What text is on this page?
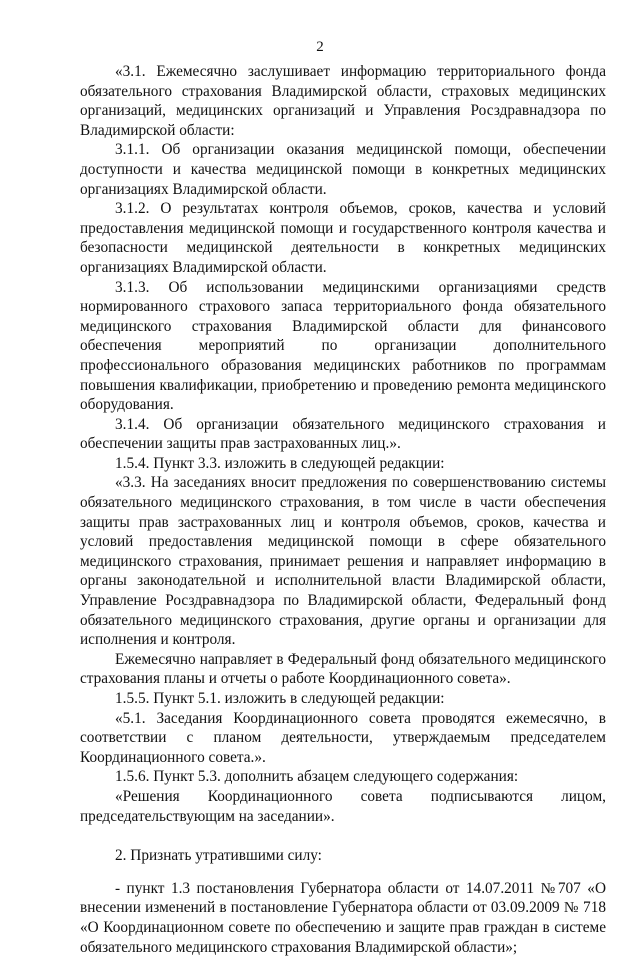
2

«3.1. Ежемесячно заслушивает информацию территориального фонда обязательного страхования Владимирской области, страховых медицинских организаций, медицинских организаций и Управления Росздравнадзора по Владимирской области:

3.1.1. Об организации оказания медицинской помощи, обеспечении доступности и качества медицинской помощи в конкретных медицинских организациях Владимирской области.

3.1.2. О результатах контроля объемов, сроков, качества и условий предоставления медицинской помощи и государственного контроля качества и безопасности медицинской деятельности в конкретных медицинских организациях Владимирской области.

3.1.3. Об использовании медицинскими организациями средств нормированного страхового запаса территориального фонда обязательного медицинского страхования Владимирской области для финансового обеспечения мероприятий по организации дополнительного профессионального образования медицинских работников по программам повышения квалификации, приобретению и проведению ремонта медицинского оборудования.

3.1.4. Об организации обязательного медицинского страхования и обеспечении защиты прав застрахованных лиц.».

1.5.4. Пункт 3.3. изложить в следующей редакции:

«3.3. На заседаниях вносит предложения по совершенствованию системы обязательного медицинского страхования, в том числе в части обеспечения защиты прав застрахованных лиц и контроля объемов, сроков, качества и условий предоставления медицинской помощи в сфере обязательного медицинского страхования, принимает решения и направляет информацию в органы законодательной и исполнительной власти Владимирской области, Управление Росздравнадзора по Владимирской области, Федеральный фонд обязательного медицинского страхования, другие органы и организации для исполнения и контроля.

Ежемесячно направляет в Федеральный фонд обязательного медицинского страхования планы и отчеты о работе Координационного совета».

1.5.5. Пункт 5.1. изложить в следующей редакции:

«5.1. Заседания Координационного совета проводятся ежемесячно, в соответствии с планом деятельности, утверждаемым председателем Координационного совета.».

1.5.6. Пункт 5.3. дополнить абзацем следующего содержания:

«Решения Координационного совета подписываются лицом, председательствующим на заседании».

2. Признать утратившими силу:

- пункт 1.3 постановления Губернатора области от 14.07.2011 №707 «О внесении изменений в постановление Губернатора области от 03.09.2009 № 718 «О Координационном совете по обеспечению и защите прав граждан в системе обязательного медицинского страхования Владимирской области»;
